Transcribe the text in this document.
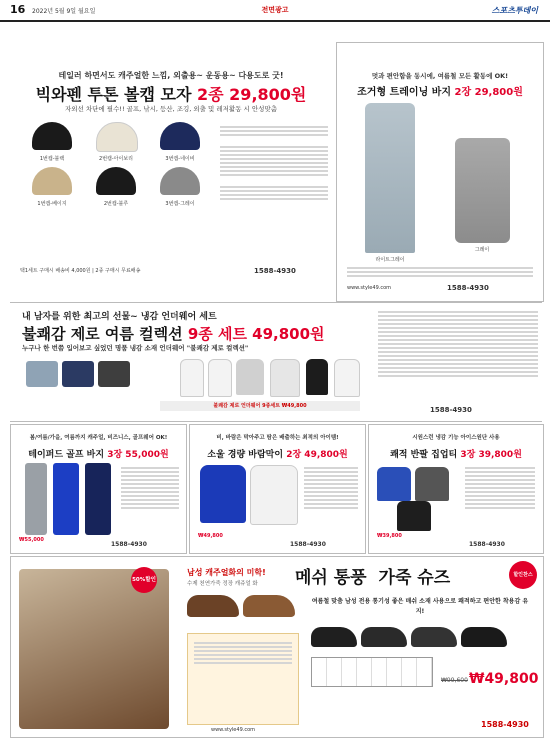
16 2022년 5월 9일 월요일	전면광고	스포츠투데이
테일러 하면서도 캐주얼한 느낌, 외출용~ 운동용~ 다용도로 굿!
빅와펜 투톤 볼캡 모자 2종 29,800원
자외선 차단에 필수!! 골프, 낚시, 등산, 조깅, 외출 및 레저활동 시 안성맞춤
1번캡-블랙	2번캡-아이보리	3번캡-네이비
1번캡-베이지	2번캡-블루	3번캡-그레이
택1세트 구매시 배송비 4,000원 | 2종 구매시 무료배송	1588-4930
멋과 편안함을 동시에, 여름철 모든 활동에 OK!
조거형 트레이닝 바지 2장 29,800원
라이트그레이
그레이
www.style49.com	1588-4930
내 남자를 위한 최고의 선물~ 냉감 언더웨어 세트
불쾌감 제로 여름 컬렉션 9종 세트 49,800원
누구나 한 번쯤 입어보고 싶었던 명품 냉감 소재 언더웨어 "불쾌감 제로 컬렉션"
불쾌감 제로 언더웨어 9종세트 ₩49,800	1588-4930
봄/여름/가을, 여름까지 캐주얼, 비즈니스, 골프웨어 OK!
테이퍼드 골프 바지 3장 55,000원
₩55,000
1588-4930
비, 바람은 막아주고 땀은 배출하는 최적의 아이템!
소울 경량 바람막이 2장 49,800원
₩49,800
1588-4930
시원스런 냉감 기능 아이스원단 사용
쾌적 반팔 집업티 3장 39,800원
₩39,800
1588-4930
50%할인
남성 캐주얼화의 미학!
수제 천연가죽 정장 캐쥬얼 화 메쉬 통풍 가죽 슈즈	할인찬스
여름철 맞춤 남성 전용 통기성 좋은 매쉬 소재 사용으로 쾌적하고 편안한 착용감 유지!
₩99,600 ₩49,800
www.style49.com
1588-4930
